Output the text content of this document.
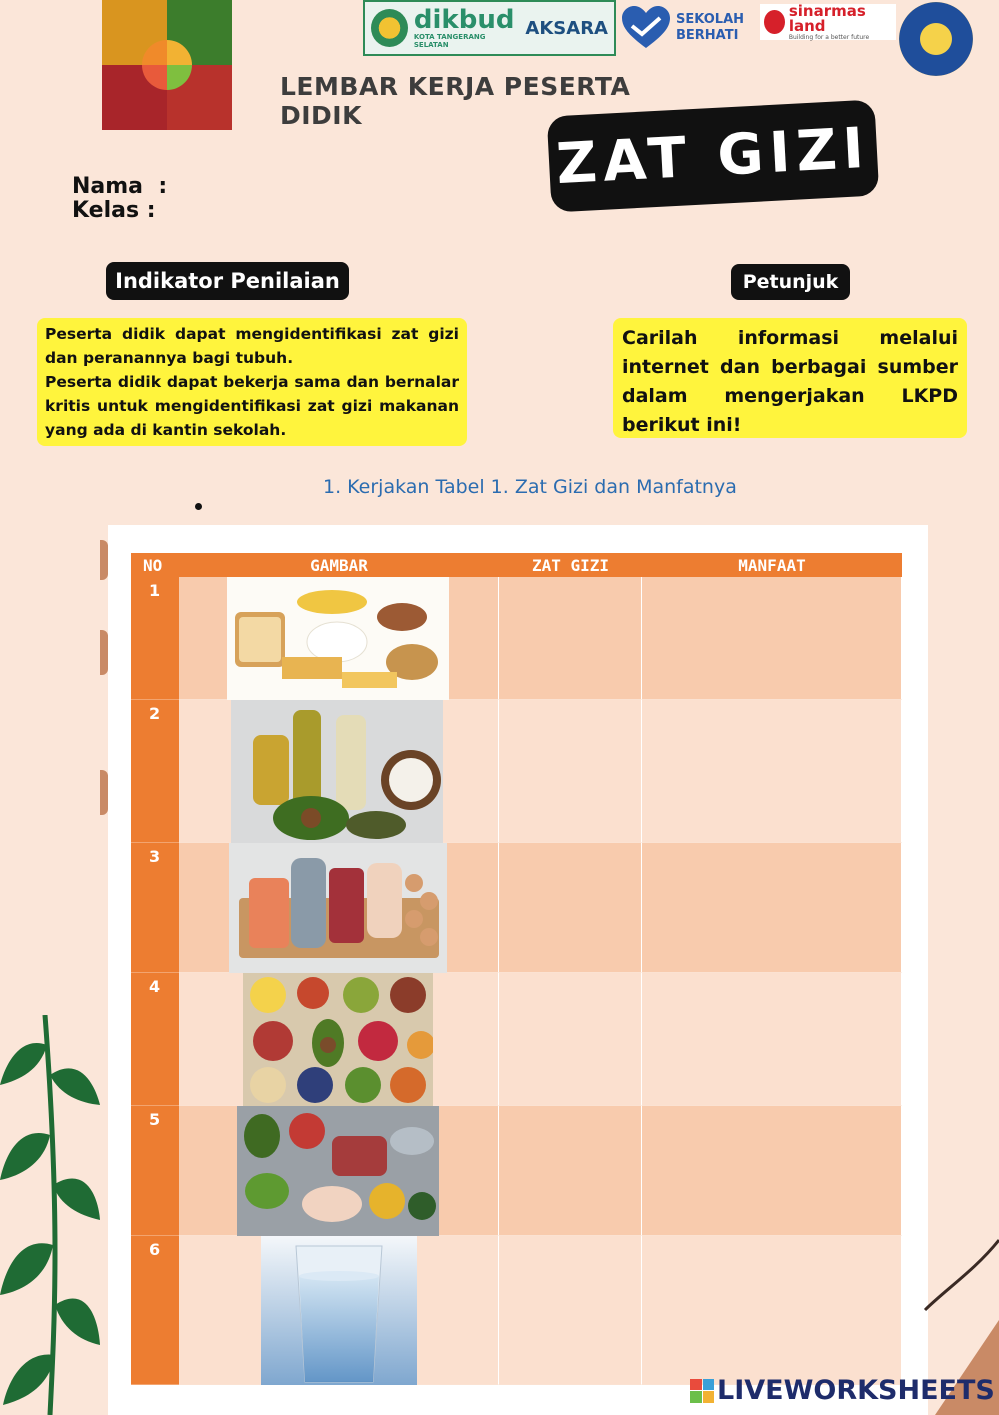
dikbud
KOTA TANGERANG SELATAN
AKSARA	SEKOLAH
BERHATI
sinarmas land
Building for a better future
LEMBAR KERJA PESERTA DIDIK	ZAT GIZI
Nama  :
Kelas :
Indikator Penilaian	Petunjuk
Peserta didik dapat mengidentifikasi zat gizi dan peranannya bagi tubuh.
Peserta didik dapat bekerja sama dan bernalar kritis untuk mengidentifikasi zat gizi makanan yang ada di kantin sekolah.
Carilah informasi melalui internet dan berbagai sumber dalam mengerjakan LKPD berikut ini!
1. Kerjakan Tabel 1. Zat Gizi dan Manfatnya
NO	GAMBAR	ZAT GIZI	MANFAAT
1
2
3
4
5
6
LIVEWORKSHEETS
